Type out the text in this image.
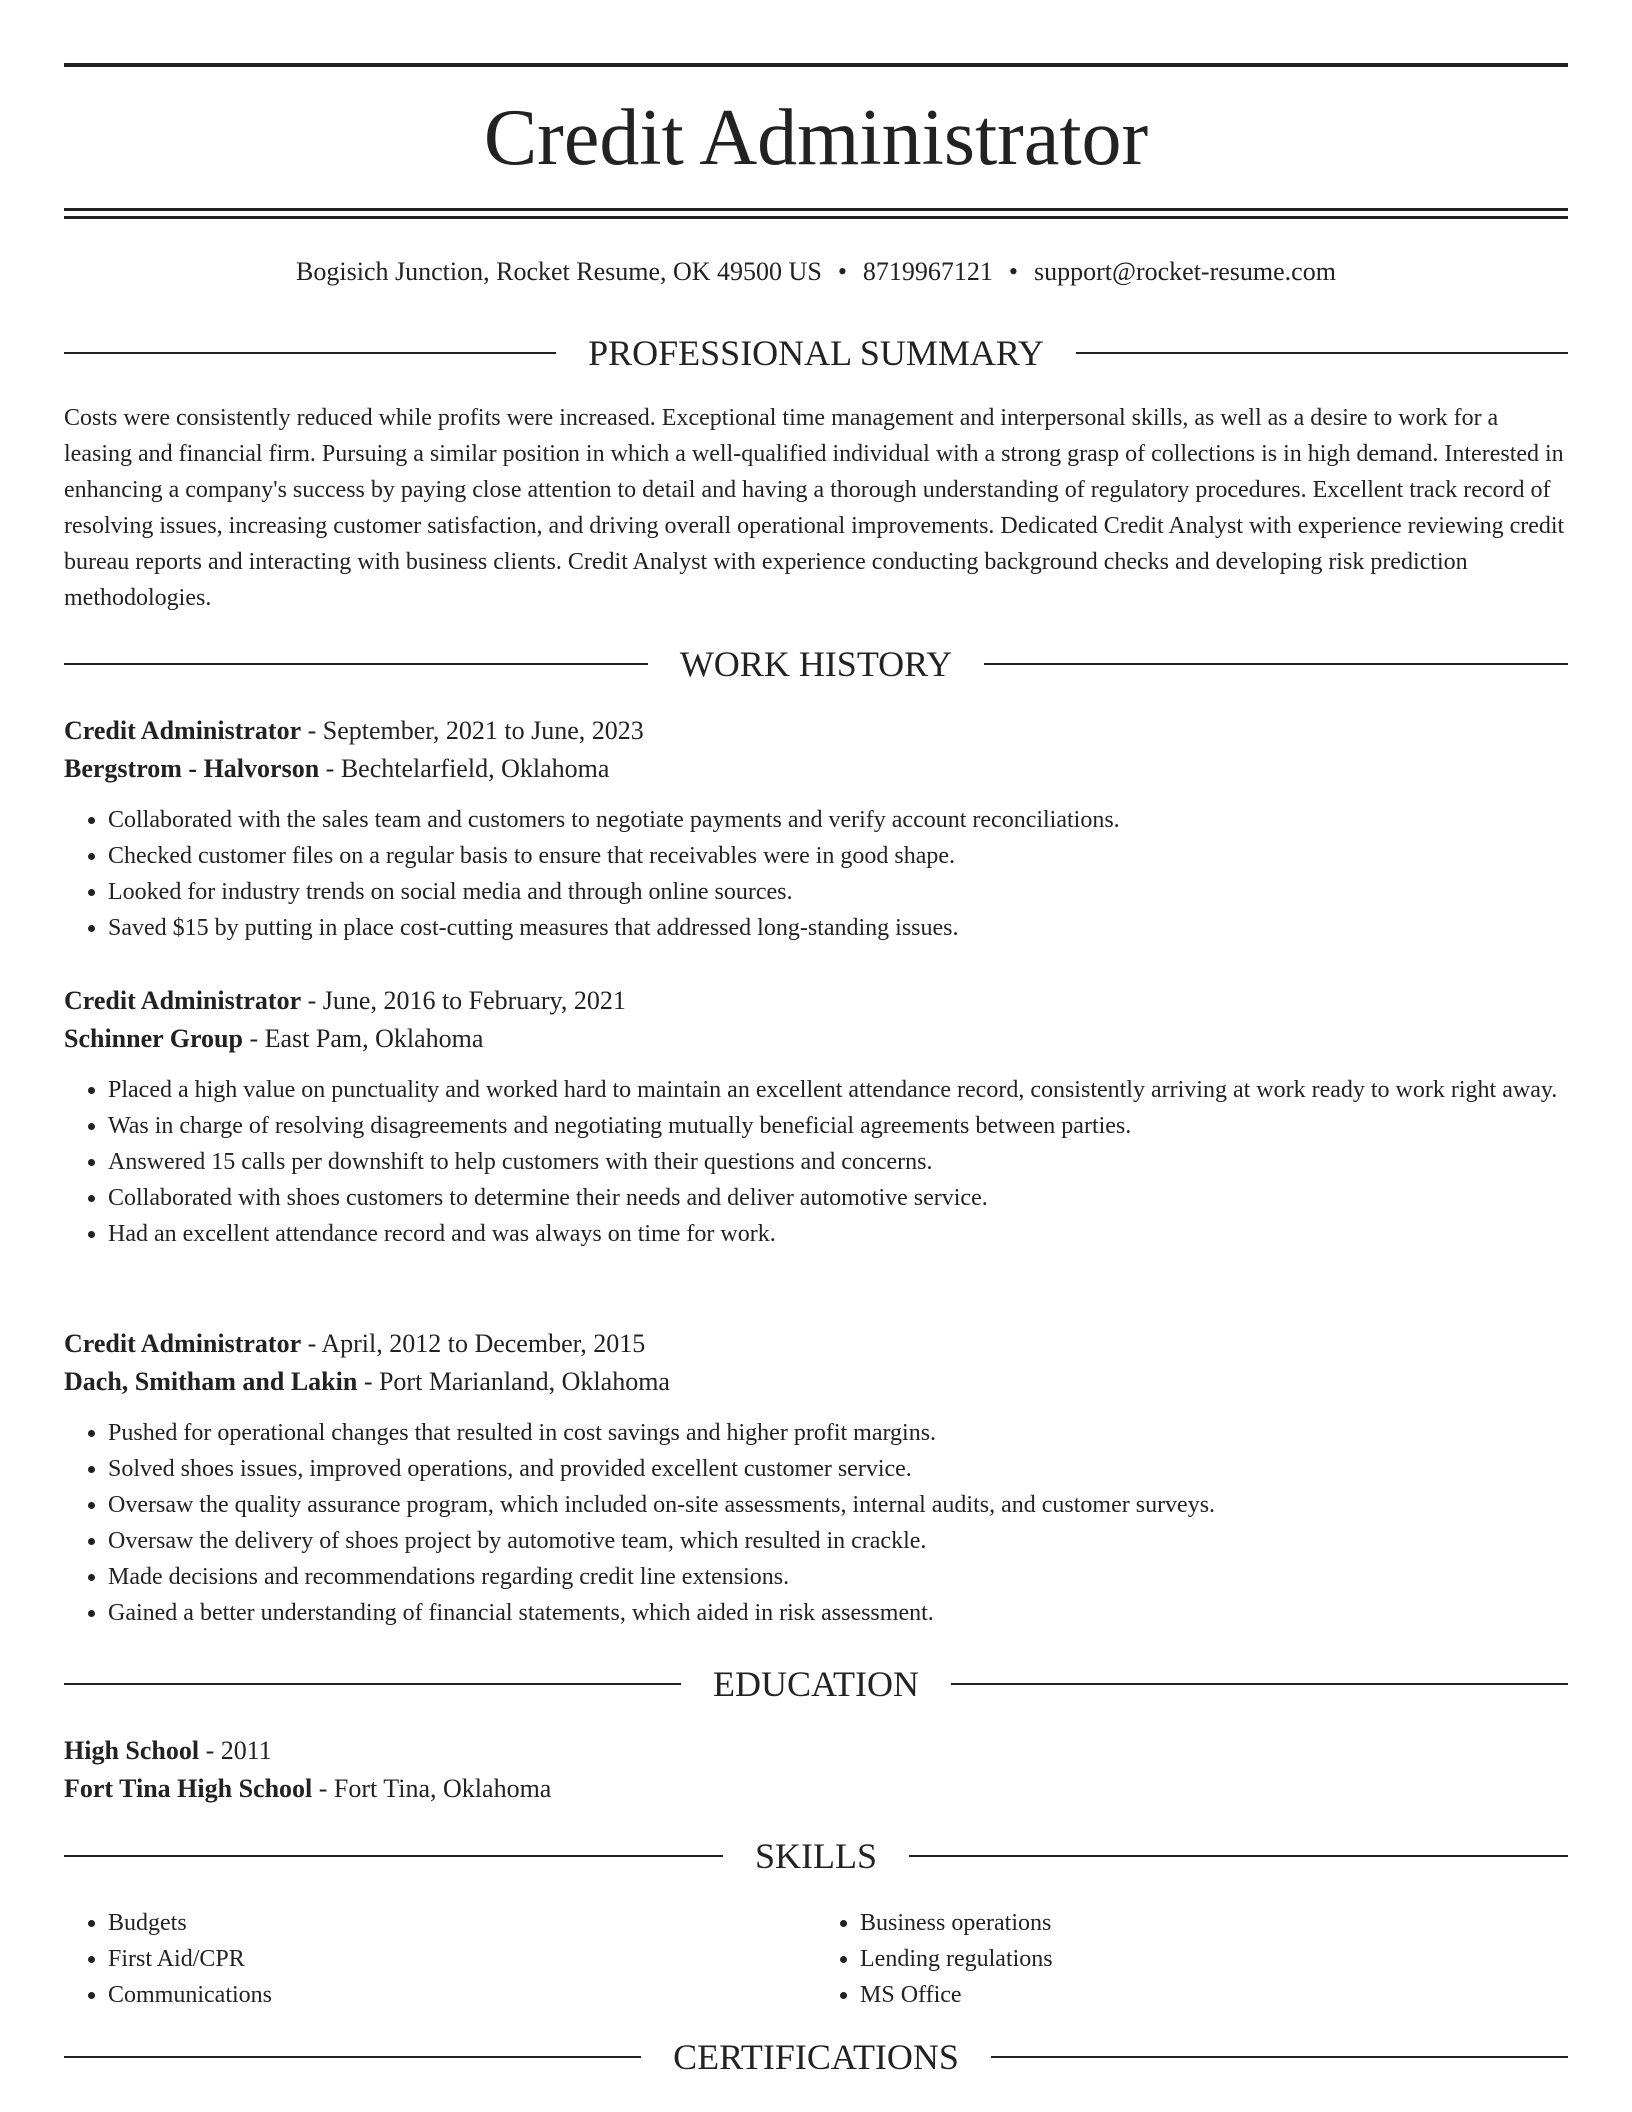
Credit Administrator
Bogisich Junction, Rocket Resume, OK 49500 US • 8719967121 • support@rocket-resume.com
PROFESSIONAL SUMMARY

Costs were consistently reduced while profits were increased. Exceptional time management and interpersonal skills, as well as a desire to work for a leasing and financial firm. Pursuing a similar position in which a well-qualified individual with a strong grasp of collections is in high demand. Interested in enhancing a company's success by paying close attention to detail and having a thorough understanding of regulatory procedures. Excellent track record of resolving issues, increasing customer satisfaction, and driving overall operational improvements. Dedicated Credit Analyst with experience reviewing credit bureau reports and interacting with business clients. Credit Analyst with experience conducting background checks and developing risk prediction methodologies.

WORK HISTORY
Credit Administrator - September, 2021 to June, 2023
Bergstrom - Halvorson - Bechtelarfield, Oklahoma
• Collaborated with the sales team and customers to negotiate payments and verify account reconciliations.
• Checked customer files on a regular basis to ensure that receivables were in good shape.
• Looked for industry trends on social media and through online sources.
• Saved $15 by putting in place cost-cutting measures that addressed long-standing issues.
Credit Administrator - June, 2016 to February, 2021
Schinner Group - East Pam, Oklahoma
• Placed a high value on punctuality and worked hard to maintain an excellent attendance record, consistently arriving at work ready to work right away.
• Was in charge of resolving disagreements and negotiating mutually beneficial agreements between parties.
• Answered 15 calls per downshift to help customers with their questions and concerns.
• Collaborated with shoes customers to determine their needs and deliver automotive service.
• Had an excellent attendance record and was always on time for work.
Credit Administrator - April, 2012 to December, 2015
Dach, Smitham and Lakin - Port Marianland, Oklahoma
• Pushed for operational changes that resulted in cost savings and higher profit margins.
• Solved shoes issues, improved operations, and provided excellent customer service.
• Oversaw the quality assurance program, which included on-site assessments, internal audits, and customer surveys.
• Oversaw the delivery of shoes project by automotive team, which resulted in crackle.
• Made decisions and recommendations regarding credit line extensions.
• Gained a better understanding of financial statements, which aided in risk assessment.
EDUCATION
High School - 2011
Fort Tina High School - Fort Tina, Oklahoma
SKILLS
• Budgets
• First Aid/CPR
• Communications
• Business operations
• Lending regulations
• MS Office
CERTIFICATIONS
